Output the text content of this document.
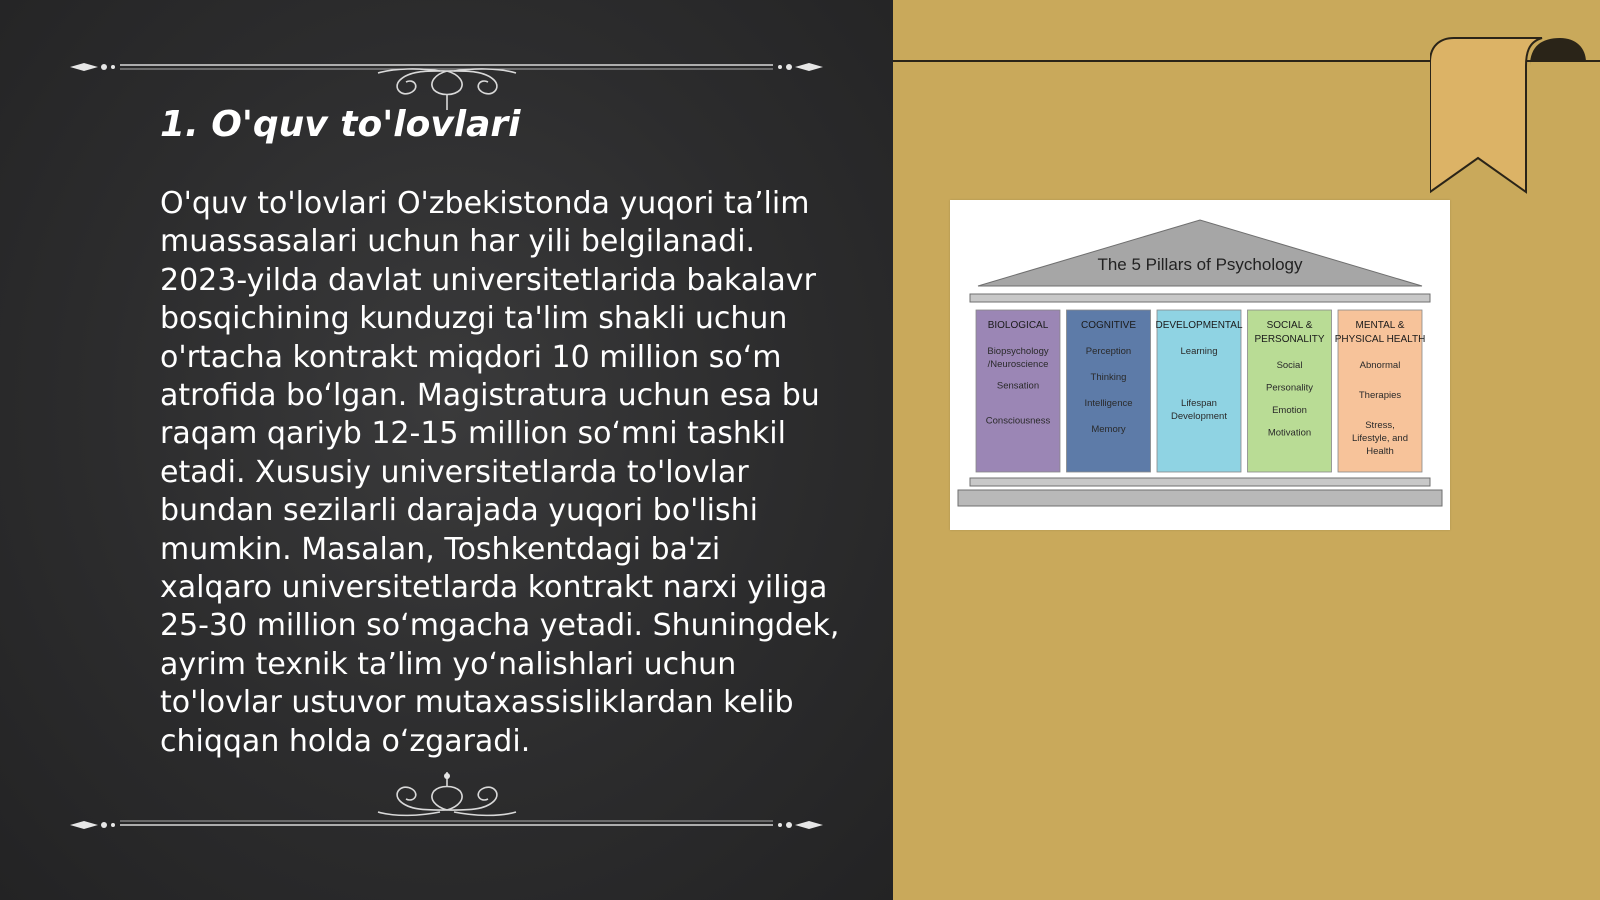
1. O'quv to'lovlari

O'quv to'lovlari O'zbekistonda yuqori ta’lim muassasalari uchun har yili belgilanadi. 2023-yilda davlat universitetlarida bakalavr bosqichining kunduzgi ta'lim shakli uchun o'rtacha kontrakt miqdori 10 million so‘m atrofida bo‘lgan. Magistratura uchun esa bu raqam qariyb 12-15 million so‘mni tashkil etadi. Xususiy universitetlarda to'lovlar bundan sezilarli darajada yuqori bo'lishi mumkin. Masalan, Toshkentdagi ba'zi xalqaro universitetlarda kontrakt narxi yiliga 25-30 million so‘mgacha yetadi. Shuningdek, ayrim texnik ta’lim yo‘nalishlari uchun to'lovlar ustuvor mutaxassisliklardan kelib chiqqan holda o‘zgaradi.

The 5 Pillars of Psychology
BIOLOGICAL
Biopsychology
/Neuroscience
Sensation
Consciousness
COGNITIVE
Perception
Thinking
Intelligence
Memory
DEVELOPMENTAL
Learning
Lifespan
Development
SOCIAL &
PERSONALITY
Social
Personality
Emotion
Motivation
MENTAL &
PHYSICAL HEALTH
Abnormal
Therapies
Stress,
Lifestyle, and
Health
